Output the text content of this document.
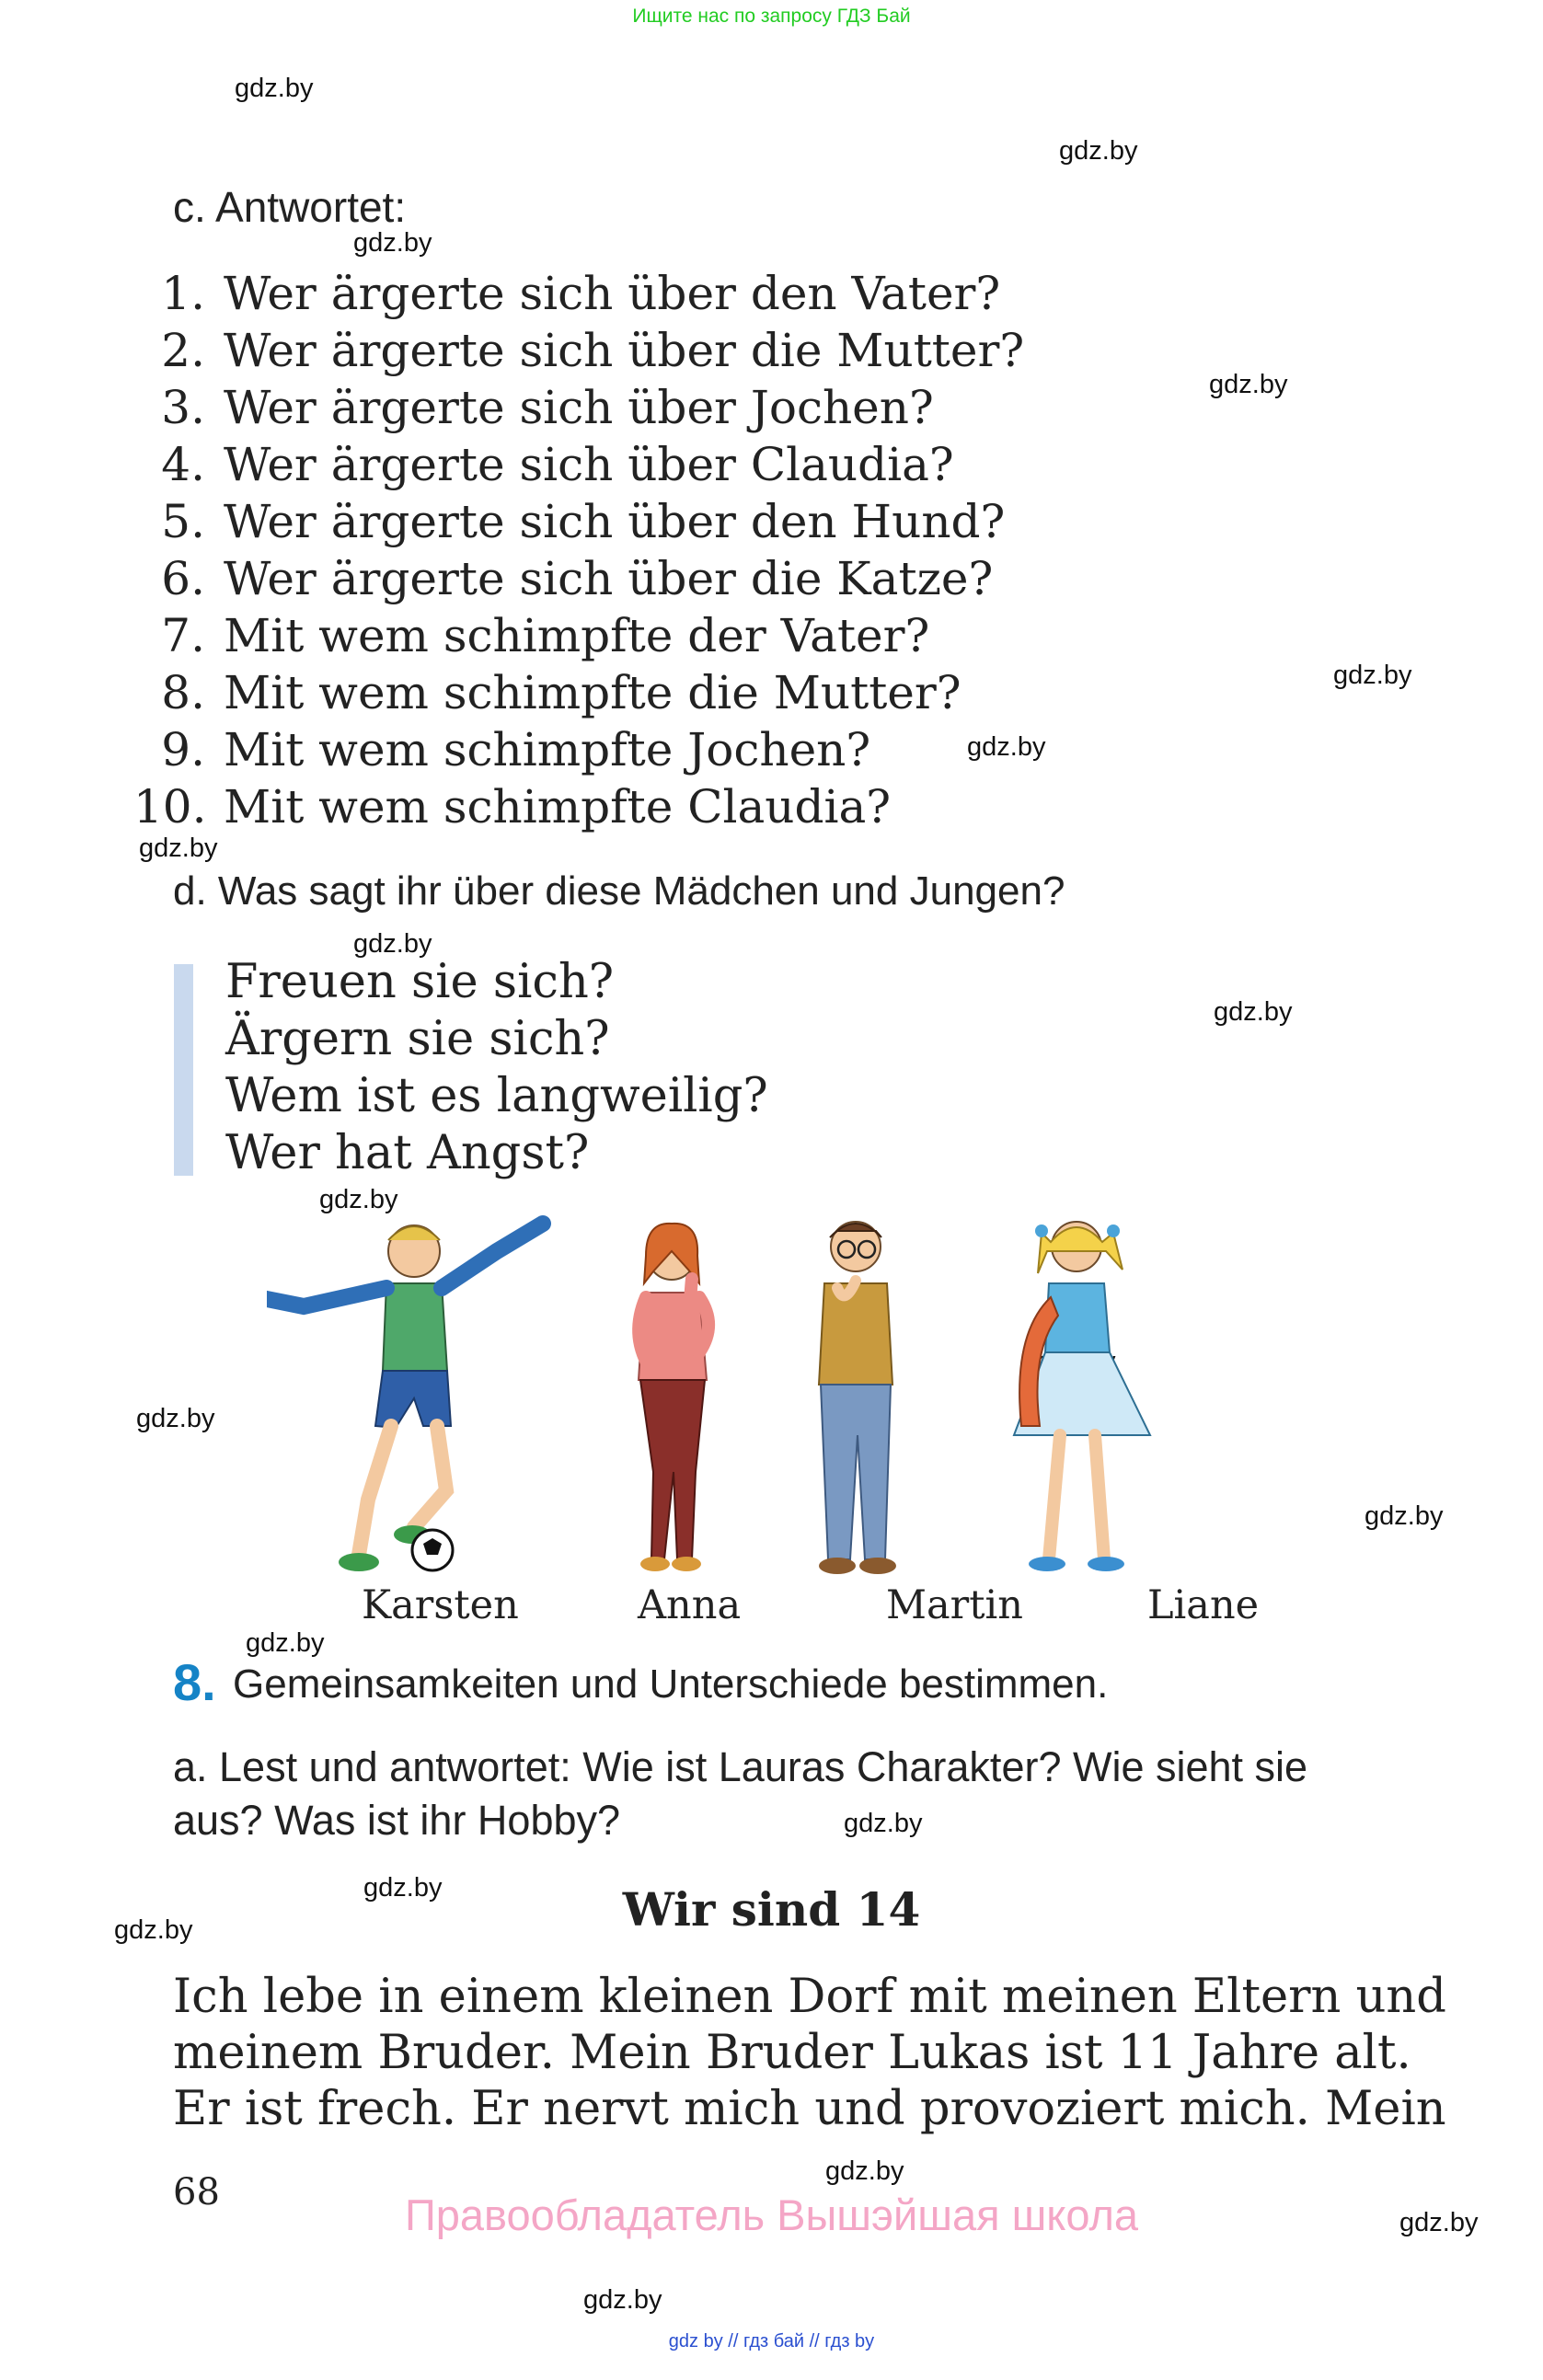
Ищите нас по запросу ГДЗ Бай
gdz.by
gdz.by
gdz.by
gdz.by
gdz.by
gdz.by
gdz.by
gdz.by
gdz.by
gdz.by
gdz.by
gdz.by
gdz.by
gdz.by
gdz.by
gdz.by
gdz.by
gdz.by
gdz.by
c. Antwortet:
1. Wer ärgerte sich über den Vater?
2. Wer ärgerte sich über die Mutter?
3. Wer ärgerte sich über Jochen?
4. Wer ärgerte sich über Claudia?
5. Wer ärgerte sich über den Hund?
6. Wer ärgerte sich über die Katze?
7. Mit wem schimpfte der Vater?
8. Mit wem schimpfte die Mutter?
9. Mit wem schimpfte Jochen?
10. Mit wem schimpfte Claudia?
d. Was sagt ihr über diese Mädchen und Jungen?
Freuen sie sich?
Ärgern sie sich?
Wem ist es langweilig?
Wer hat Angst?
Karsten	Anna	Martin	Liane
8. Gemeinsamkeiten und Unterschiede bestimmen.
a. Lest und antwortet: Wie ist Lauras Charakter? Wie sieht sie aus? Was ist ihr Hobby?
Wir sind 14

Ich lebe in einem kleinen Dorf mit meinen Eltern und

meinem Bruder. Mein Bruder Lukas ist 11 Jahre alt.

Er ist frech. Er nervt mich und provoziert mich. Mein

68	Правообладатель Вышэйшая школа
gdz by // гдз бай // гдз by
